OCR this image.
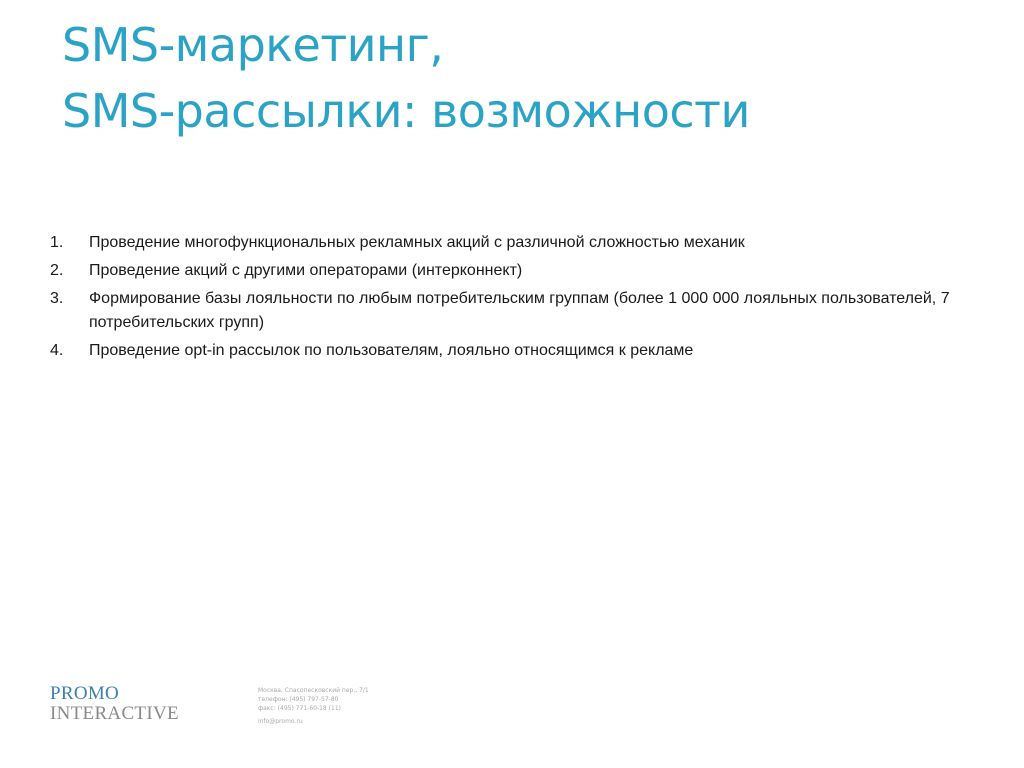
SMS-маркетинг,
SMS-рассылки: возможности
1. Проведение многофункциональных рекламных акций с различной сложностью механик
2. Проведение акций с другими операторами (интерконнект)
3. Формирование базы лояльности по любым потребительским группам (более 1 000 000 лояльных пользователей, 7 потребительских групп)
4. Проведение opt-in рассылок по пользователям, лояльно относящимся к рекламе
PROMO
INTERACTIVE
Москва, Спасопесковский пер., 7/1
телефон: (495) 797-57-80
факс: (495) 771-60-18 (11)
info@promo.ru
